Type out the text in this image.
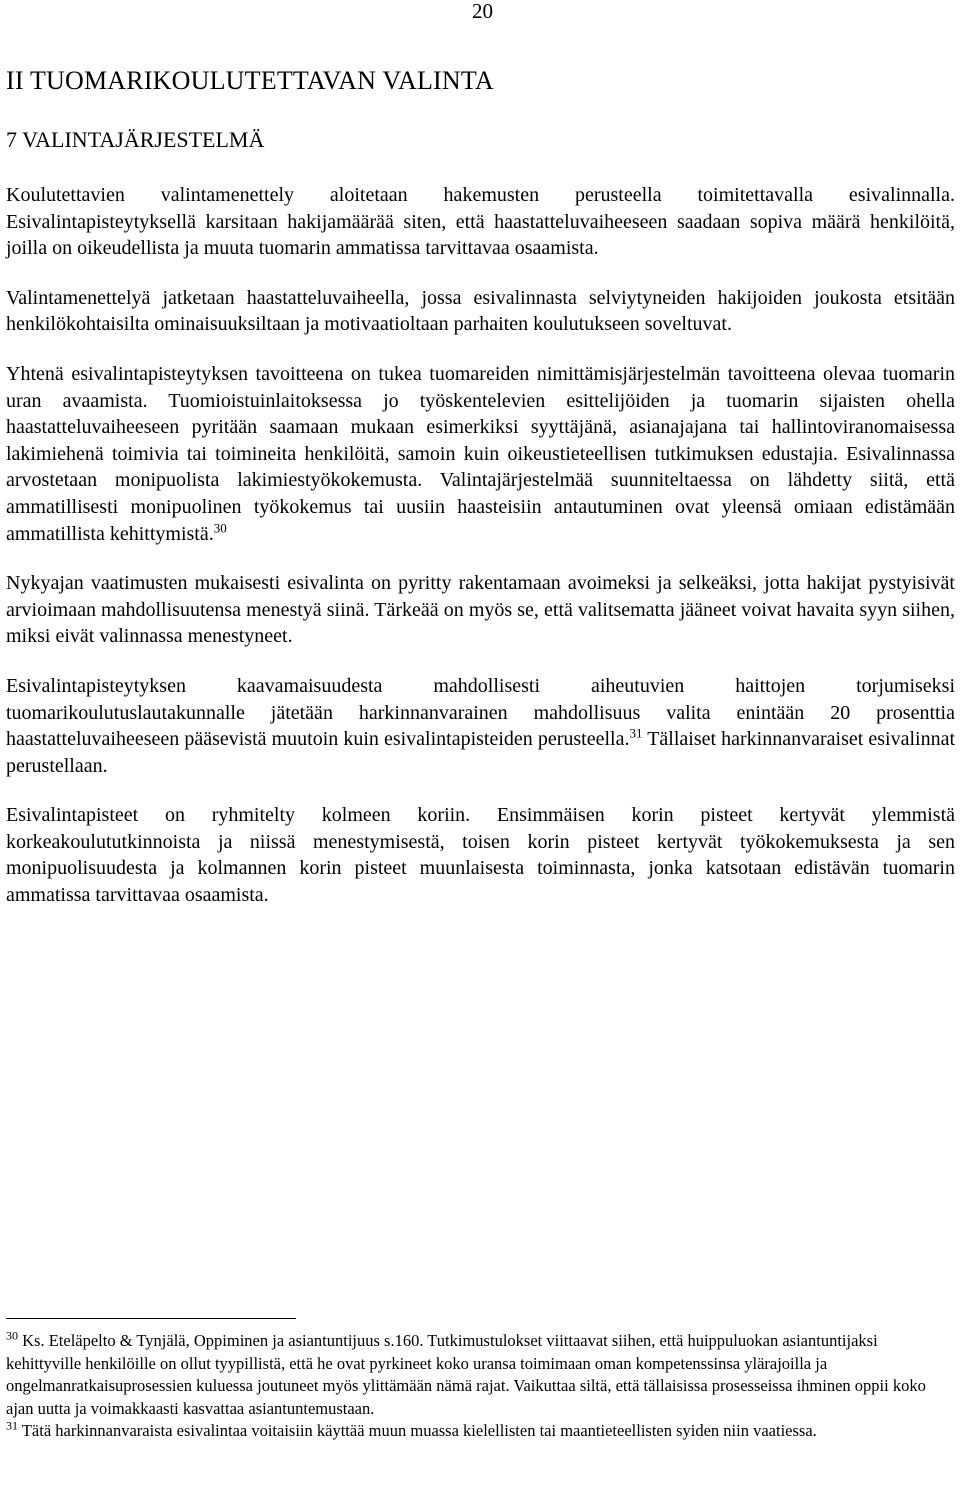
20
II TUOMARIKOULUTETTAVAN VALINTA
7 VALINTAJÄRJESTELMÄ

Koulutettavien valintamenettely aloitetaan hakemusten perusteella toimitettavalla esivalinnalla. Esivalintapisteytyksellä karsitaan hakijamäärää siten, että haastatteluvaiheeseen saadaan sopiva määrä henkilöitä, joilla on oikeudellista ja muuta tuomarin ammatissa tarvittavaa osaamista.

Valintamenettelyä jatketaan haastatteluvaiheella, jossa esivalinnasta selviytyneiden hakijoiden joukosta etsitään henkilökohtaisilta ominaisuuksiltaan ja motivaatioltaan parhaiten koulutukseen soveltuvat.

Yhtenä esivalintapisteytyksen tavoitteena on tukea tuomareiden nimittämisjärjestelmän tavoitteena olevaa tuomarin uran avaamista. Tuomioistuinlaitoksessa jo työskentelevien esittelijöiden ja tuomarin sijaisten ohella haastatteluvaiheeseen pyritään saamaan mukaan esimerkiksi syyttäjänä, asianajajana tai hallintoviranomaisessa lakimiehenä toimivia tai toimineita henkilöitä, samoin kuin oikeustieteellisen tutkimuksen edustajia. Esivalinnassa arvostetaan monipuolista lakimiestyökokemusta. Valintajärjestelmää suunniteltaessa on lähdetty siitä, että ammatillisesti monipuolinen työkokemus tai uusiin haasteisiin antautuminen ovat yleensä omiaan edistämään ammatillista kehittymistä.$^{30}$

Nykyajan vaatimusten mukaisesti esivalinta on pyritty rakentamaan avoimeksi ja selkeäksi, jotta hakijat pystyisivät arvioimaan mahdollisuutensa menestyä siinä. Tärkeää on myös se, että valitsematta jääneet voivat havaita syyn siihen, miksi eivät valinnassa menestyneet.

Esivalintapisteytyksen kaavamaisuudesta mahdollisesti aiheutuvien haittojen torjumiseksi tuomarikoulutuslautakunnalle jätetään harkinnanvarainen mahdollisuus valita enintään 20 prosenttia haastatteluvaiheeseen pääsevistä muutoin kuin esivalintapisteiden perusteella.$^{31}$ Tällaiset harkinnanvaraiset esivalinnat perustellaan.

Esivalintapisteet on ryhmitelty kolmeen koriin. Ensimmäisen korin pisteet kertyvät ylemmistä korkeakoulututkinnoista ja niissä menestymisestä, toisen korin pisteet kertyvät työkokemuksesta ja sen monipuolisuudesta ja kolmannen korin pisteet muunlaisesta toiminnasta, jonka katsotaan edistävän tuomarin ammatissa tarvittavaa osaamista.

$^{30}$ Ks. Eteläpelto & Tynjälä, Oppiminen ja asiantuntijuus s.160. Tutkimustulokset viittaavat siihen, että huippuluokan asiantuntijaksi kehittyville henkilöille on ollut tyypillistä, että he ovat pyrkineet koko uransa toimimaan oman kompetenssinsa ylärajoilla ja ongelmanratkaisuprosessien kuluessa joutuneet myös ylittämään nämä rajat. Vaikuttaa siltä, että tällaisissa prosesseissa ihminen oppii koko ajan uutta ja voimakkaasti kasvattaa asiantuntemustaan.

$^{31}$ Tätä harkinnanvaraista esivalintaa voitaisiin käyttää muun muassa kielellisten tai maantieteellisten syiden niin vaatiessa.
